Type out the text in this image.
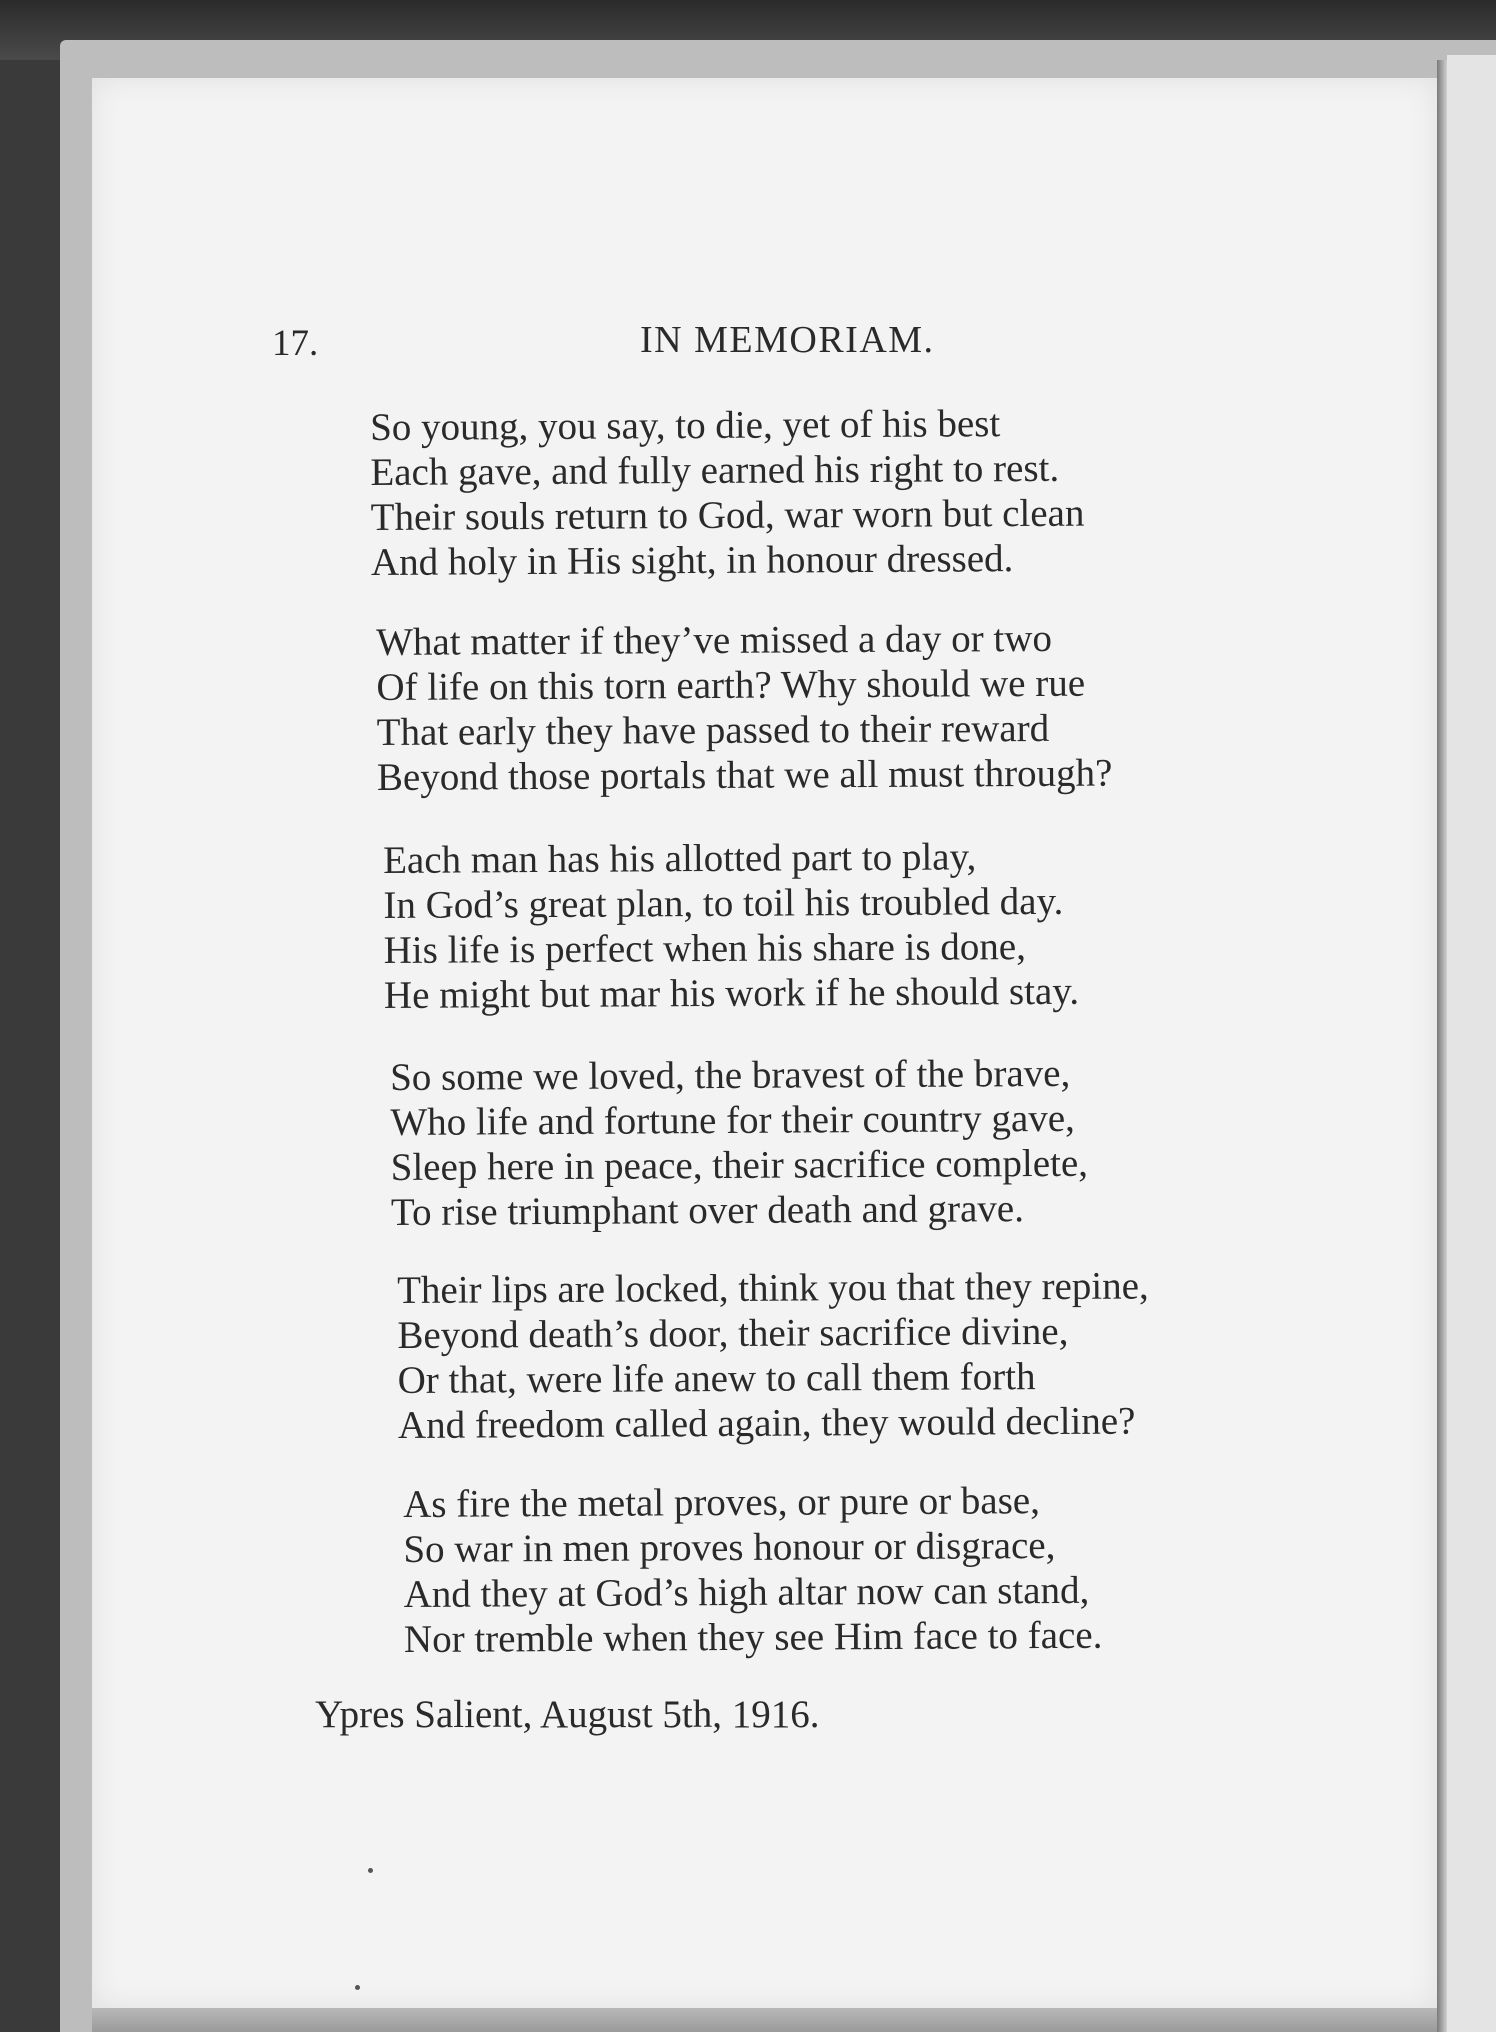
17.	IN MEMORIAM.
So young, you say, to die, yet of his best
Each gave, and fully earned his right to rest.
Their souls return to God, war worn but clean
And holy in His sight, in honour dressed.
What matter if they’ve missed a day or two
Of life on this torn earth? Why should we rue
That early they have passed to their reward
Beyond those portals that we all must through?
Each man has his allotted part to play,
In God’s great plan, to toil his troubled day.
His life is perfect when his share is done,
He might but mar his work if he should stay.
So some we loved, the bravest of the brave,
Who life and fortune for their country gave,
Sleep here in peace, their sacrifice complete,
To rise triumphant over death and grave.
Their lips are locked, think you that they repine,
Beyond death’s door, their sacrifice divine,
Or that, were life anew to call them forth
And freedom called again, they would decline?
As fire the metal proves, or pure or base,
So war in men proves honour or disgrace,
And they at God’s high altar now can stand,
Nor tremble when they see Him face to face.
Ypres Salient, August 5th, 1916.
